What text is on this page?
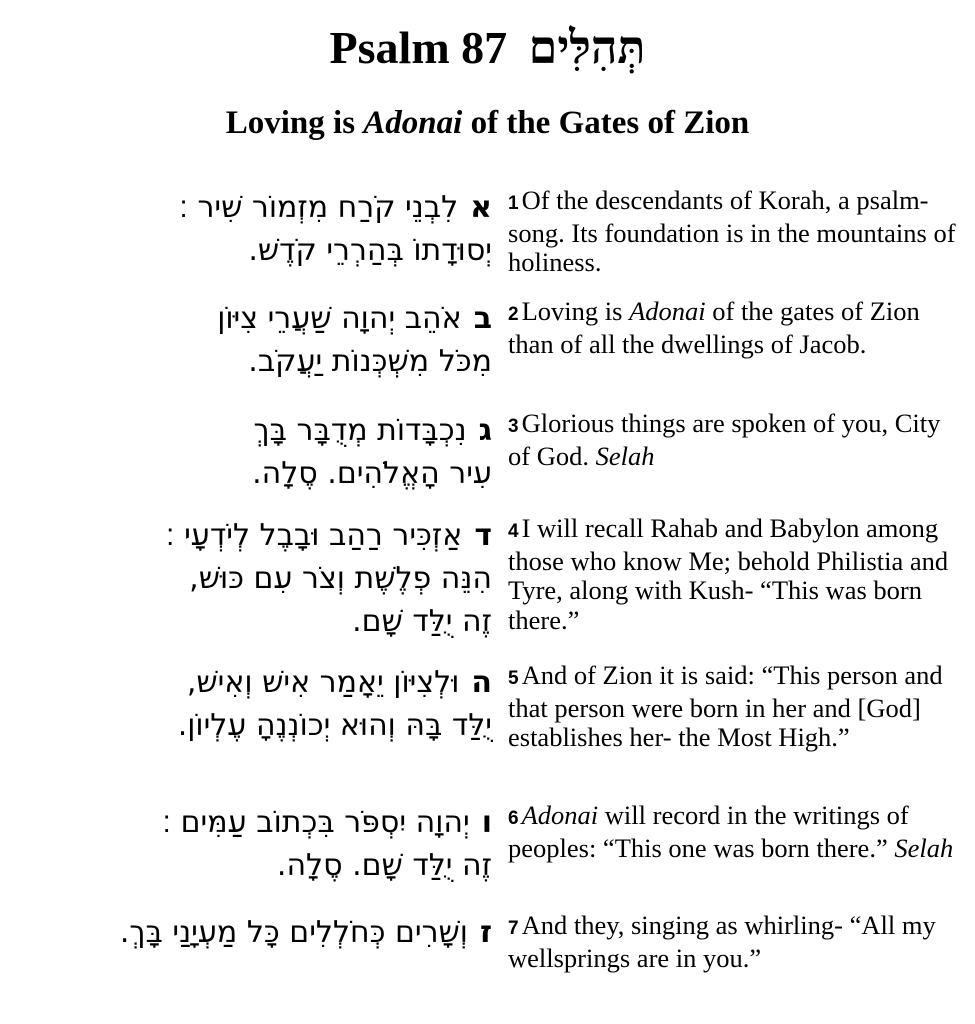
Psalm 87 תְּהִלִּים
Loving is Adonai of the Gates of Zion
אלִבְנֵי קֹרַח מִזְמוֹר שִׁיר ׃
יְסוּדָתוֹ בְּהַרְרֵי קֹדֶשׁ.
1 Of the descendants of Korah, a psalm-song. Its foundation is in the mountains of holiness.
באֹהֵב יְהוָה שַׁעֲרֵי צִיּוֹן
מִכֹּל מִשְׁכְּנוֹת יַעֲקֹב.
2 Loving is Adonai of the gates of Zion than of all the dwellings of Jacob.
גנִכְבָּדוֹת מְדֻבָּר בָּךְ
עִיר הָאֱלֹהִים. סֶלָה.
3 Glorious things are spoken of you, City of God. Selah
דאַזְכִּיר רַהַב וּבָבֶל לְיֹדְעָי ׃
הִנֵּה פְלֶשֶׁת וְצֹר עִם כּוּשׁ,
זֶה יֻלַּד שָׁם.
4 I will recall Rahab and Babylon among those who know Me; behold Philistia and Tyre, along with Kush- “This was born there.”
הוּלְצִיּוֹן יֵאָמַר אִישׁ וְאִישׁ,
יֻלַּד בָּהּ וְהוּא יְכוֹנְנֶהָ עֶלְיוֹן.
5 And of Zion it is said: “This person and that person were born in her and [God] establishes her- the Most High.”
ויְהוָה יִסְפֹּר בִּכְתוֹב עַמִּים ׃
זֶה יֻלַּד שָׁם. סֶלָה.
6 Adonai will record in the writings of peoples: “This one was born there.” Selah
זוְשָׁרִים כְּחֹלְלִים כָּל מַעְיָנַי בָּךְ.	7 And they, singing as whirling- “All my wellsprings are in you.”
